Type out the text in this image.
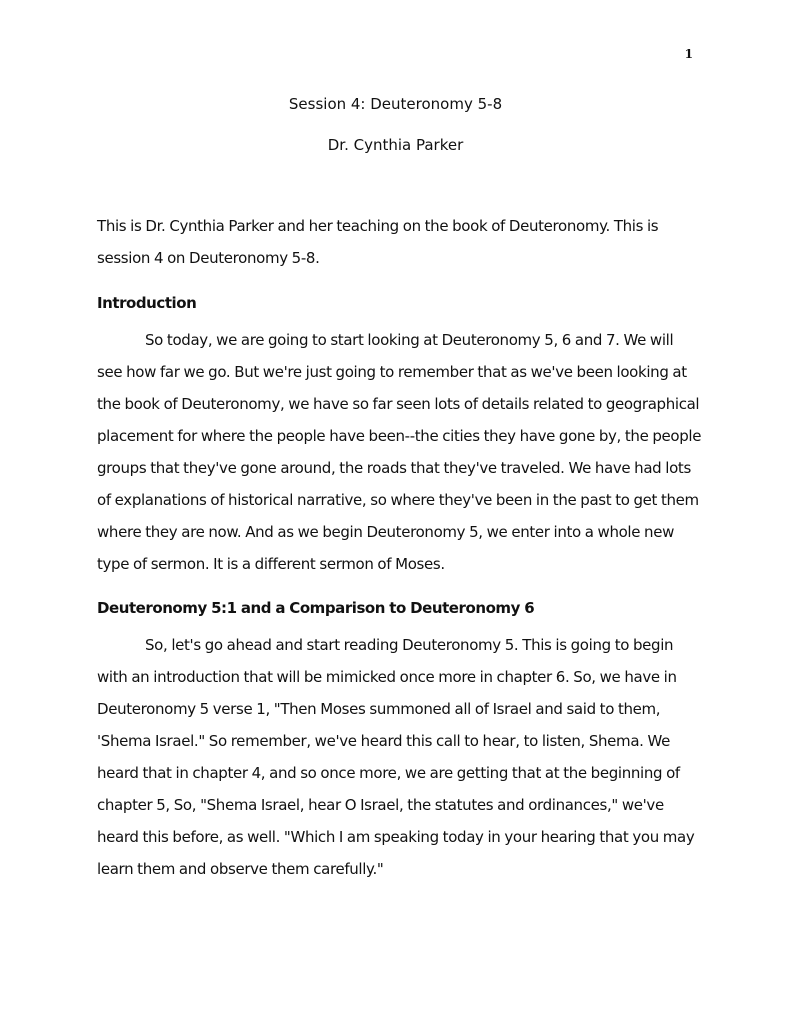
1
Session 4: Deuteronomy 5-8
Dr. Cynthia Parker

This is Dr. Cynthia Parker and her teaching on the book of Deuteronomy. This is session 4 on Deuteronomy 5-8.

Introduction

So today, we are going to start looking at Deuteronomy 5, 6 and 7. We will see how far we go. But we're just going to remember that as we've been looking at the book of Deuteronomy, we have so far seen lots of details related to geographical placement for where the people have been--the cities they have gone by, the people groups that they've gone around, the roads that they've traveled. We have had lots of explanations of historical narrative, so where they've been in the past to get them where they are now. And as we begin Deuteronomy 5, we enter into a whole new type of sermon. It is a different sermon of Moses.

Deuteronomy 5:1 and a Comparison to Deuteronomy 6

So, let's go ahead and start reading Deuteronomy 5. This is going to begin with an introduction that will be mimicked once more in chapter 6. So, we have in Deuteronomy 5 verse 1, "Then Moses summoned all of Israel and said to them, 'Shema Israel." So remember, we've heard this call to hear, to listen, Shema. We heard that in chapter 4, and so once more, we are getting that at the beginning of chapter 5, So, "Shema Israel, hear O Israel, the statutes and ordinances," we've heard this before, as well. "Which I am speaking today in your hearing that you may learn them and observe them carefully."
